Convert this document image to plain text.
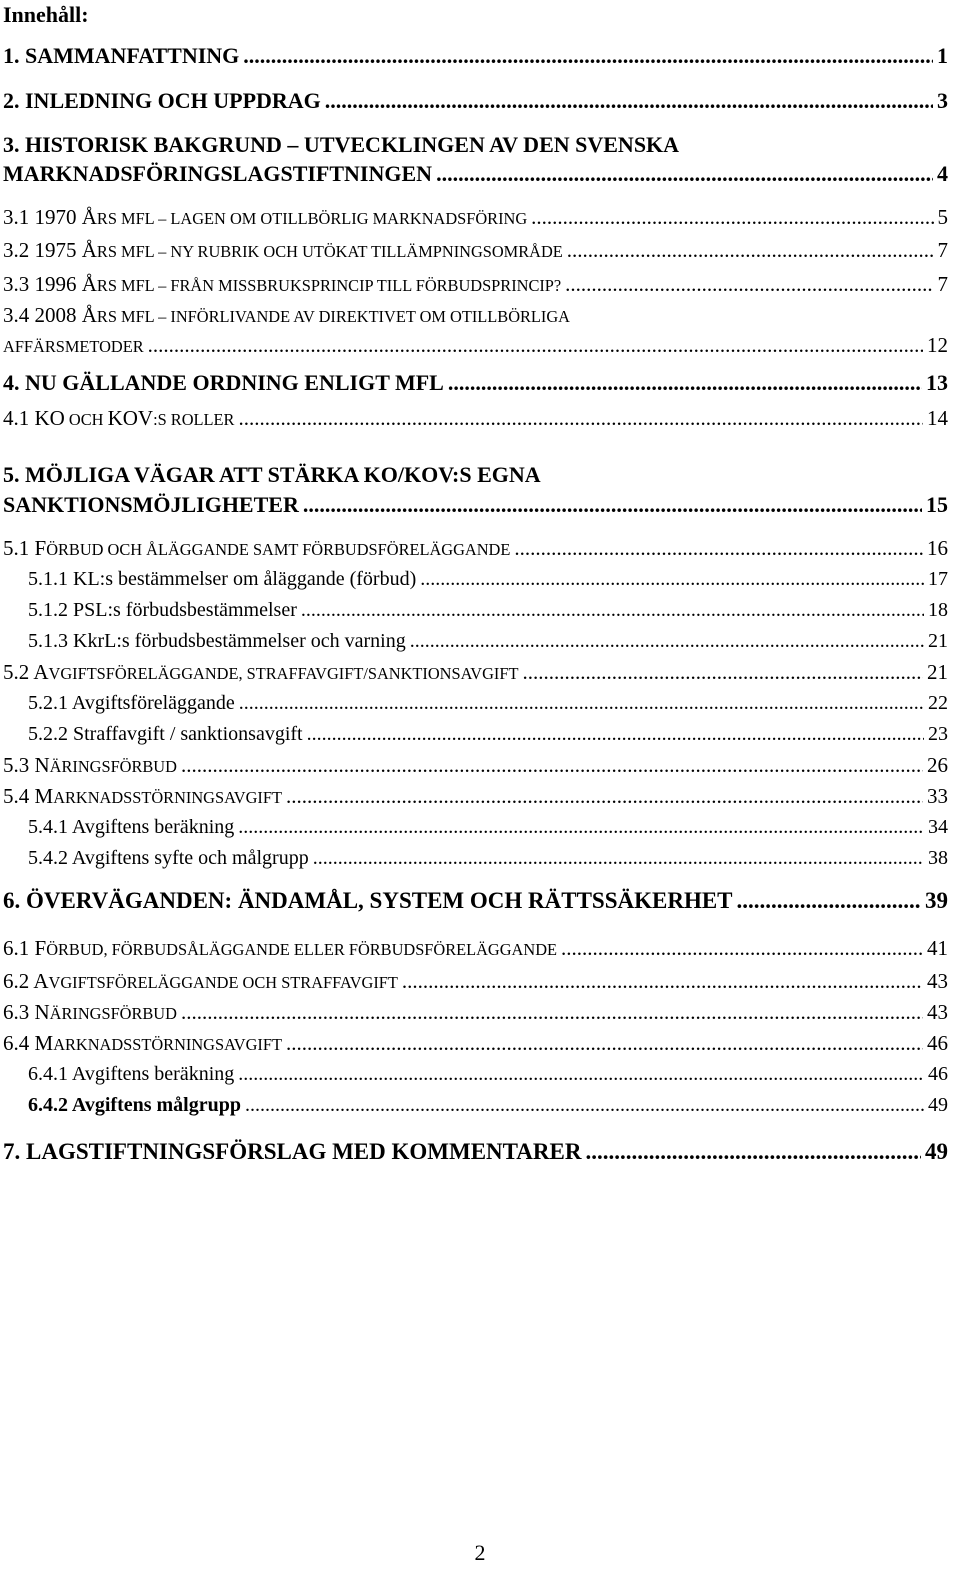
Innehåll:
1. SAMMANFATTNING .....	1
2. INLEDNING OCH UPPDRAG .....	3
3. HISTORISK BAKGRUND – UTVECKLINGEN AV DEN SVENSKA
MARKNADSFÖRINGSLAGSTIFTNINGEN .....	4
3.1 1970 ÅRS MFL – LAGEN OM OTILLBÖRLIG MARKNADSFÖRING .....	5
3.2 1975 ÅRS MFL – NY RUBRIK OCH UTÖKAT TILLÄMPNINGSOMRÅDE .....	7
3.3 1996 ÅRS MFL – FRÅN MISSBRUKSPRINCIP TILL FÖRBUDSPRINCIP? .....	7
3.4 2008 ÅRS MFL – INFÖRLIVANDE AV DIREKTIVET OM OTILLBÖRLIGA
AFFÄRSMETODER .....	12
4. NU GÄLLANDE ORDNING ENLIGT MFL .....	13
4.1 KO OCH KOV:S ROLLER .....	14
5. MÖJLIGA VÄGAR ATT STÄRKA KO/KOV:S EGNA
SANKTIONSMÖJLIGHETER .....	15
5.1 FÖRBUD OCH ÅLÄGGANDE SAMT FÖRBUDSFÖRELÄGGANDE .....	16
5.1.1 KL:s bestämmelser om åläggande (förbud) .....	17
5.1.2 PSL:s förbudsbestämmelser .....	18
5.1.3 KkrL:s förbudsbestämmelser och varning .....	21
5.2 AVGIFTSFÖRELÄGGANDE, STRAFFAVGIFT/SANKTIONSAVGIFT .....	21
5.2.1 Avgiftsföreläggande .....	22
5.2.2 Straffavgift / sanktionsavgift .....	23
5.3 NÄRINGSFÖRBUD .....	26
5.4 MARKNADSSTÖRNINGSAVGIFT .....	33
5.4.1 Avgiftens beräkning .....	34
5.4.2 Avgiftens syfte och målgrupp .....	38
6. ÖVERVÄGANDEN: ÄNDAMÅL, SYSTEM OCH RÄTTSSÄKERHET .....	39
6.1 FÖRBUD, FÖRBUDSÅLÄGGANDE ELLER FÖRBUDSFÖRELÄGGANDE .....	41
6.2 AVGIFTSFÖRELÄGGANDE OCH STRAFFAVGIFT .....	43
6.3 NÄRINGSFÖRBUD .....	43
6.4 MARKNADSSTÖRNINGSAVGIFT .....	46
6.4.1 Avgiftens beräkning .....	46
6.4.2 Avgiftens målgrupp .....	49
7. LAGSTIFTNINGSFÖRSLAG MED KOMMENTARER .....	49
2
